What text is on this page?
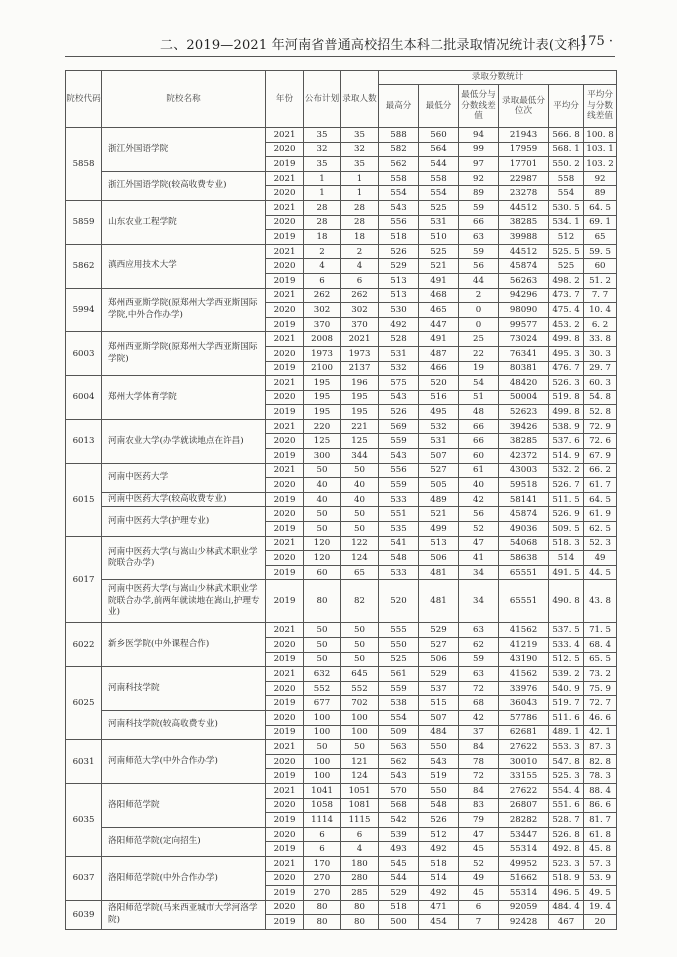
二、2019—2021 年河南省普通高校招生本科二批录取情况统计表(文科)
· 175 ·
院校代码	院校名称	年份	公布计划	录取人数	录取分数统计					
					最高分	最低分	最低分与分数线差值	录取最低分位次	平均分	平均分与分数线差值
5858	浙江外国语学院	2021	35	35	588	560	94	21943	566. 8	100. 8
		2020	32	32	582	564	99	17959	568. 1	103. 1
		2019	35	35	562	544	97	17701	550. 2	103. 2
	浙江外国语学院(较高收费专业)	2021	1	1	558	558	92	22987	558	92
		2020	1	1	554	554	89	23278	554	89
5859	山东农业工程学院	2021	28	28	543	525	59	44512	530. 5	64. 5
		2020	28	28	556	531	66	38285	534. 1	69. 1
		2019	18	18	518	510	63	39988	512	65
5862	滇西应用技术大学	2021	2	2	526	525	59	44512	525. 5	59. 5
		2020	4	4	529	521	56	45874	525	60
		2019	6	6	513	491	44	56263	498. 2	51. 2
5994	郑州西亚斯学院(原郑州大学西亚斯国际学院,中外合作办学)	2021	262	262	513	468	2	94296	473. 7	7. 7
		2020	302	302	530	465	0	98090	475. 4	10. 4
		2019	370	370	492	447	0	99577	453. 2	6. 2
6003	郑州西亚斯学院(原郑州大学西亚斯国际学院)	2021	2008	2021	528	491	25	73024	499. 8	33. 8
		2020	1973	1973	531	487	22	76341	495. 3	30. 3
		2019	2100	2137	532	466	19	80381	476. 7	29. 7
6004	郑州大学体育学院	2021	195	196	575	520	54	48420	526. 3	60. 3
		2020	195	195	543	516	51	50004	519. 8	54. 8
		2019	195	195	526	495	48	52623	499. 8	52. 8
6013	河南农业大学(办学就读地点在许昌)	2021	220	221	569	532	66	39426	538. 9	72. 9
		2020	125	125	559	531	66	38285	537. 6	72. 6
		2019	300	344	543	507	60	42372	514. 9	67. 9
6015	河南中医药大学	2021	50	50	556	527	61	43003	532. 2	66. 2
		2020	40	40	559	505	40	59518	526. 7	61. 7
	河南中医药大学(较高收费专业)	2019	40	40	533	489	42	58141	511. 5	64. 5
	河南中医药大学(护理专业)	2020	50	50	551	521	56	45874	526. 9	61. 9
		2019	50	50	535	499	52	49036	509. 5	62. 5
6017	河南中医药大学(与嵩山少林武术职业学院联合办学)	2021	120	122	541	513	47	54068	518. 3	52. 3
		2020	120	124	548	506	41	58638	514	49
		2019	60	65	533	481	34	65551	491. 5	44. 5
	河南中医药大学(与嵩山少林武术职业学院联合办学,前两年就读地在嵩山,护理专业)	2019	80	82	520	481	34	65551	490. 8	43. 8
6022	新乡医学院(中外课程合作)	2021	50	50	555	529	63	41562	537. 5	71. 5
		2020	50	50	550	527	62	41219	533. 4	68. 4
		2019	50	50	525	506	59	43190	512. 5	65. 5
6025	河南科技学院	2021	632	645	561	529	63	41562	539. 2	73. 2
		2020	552	552	559	537	72	33976	540. 9	75. 9
		2019	677	702	538	515	68	36043	519. 7	72. 7
	河南科技学院(较高收费专业)	2020	100	100	554	507	42	57786	511. 6	46. 6
		2019	100	100	509	484	37	62681	489. 1	42. 1
6031	河南师范大学(中外合作办学)	2021	50	50	563	550	84	27622	553. 3	87. 3
		2020	100	121	562	543	78	30010	547. 8	82. 8
		2019	100	124	543	519	72	33155	525. 3	78. 3
6035	洛阳师范学院	2021	1041	1051	570	550	84	27622	554. 4	88. 4
		2020	1058	1081	568	548	83	26807	551. 6	86. 6
		2019	1114	1115	542	526	79	28282	528. 7	81. 7
	洛阳师范学院(定向招生)	2020	6	6	539	512	47	53447	526. 8	61. 8
		2019	6	4	493	492	45	55314	492. 8	45. 8
6037	洛阳师范学院(中外合作办学)	2021	170	180	545	518	52	49952	523. 3	57. 3
		2020	270	280	544	514	49	51662	518. 9	53. 9
		2019	270	285	529	492	45	55314	496. 5	49. 5
6039	洛阳师范学院(马来西亚城市大学河洛学院)	2020	80	80	518	471	6	92059	484. 4	19. 4
		2019	80	80	500	454	7	92428	467	20
